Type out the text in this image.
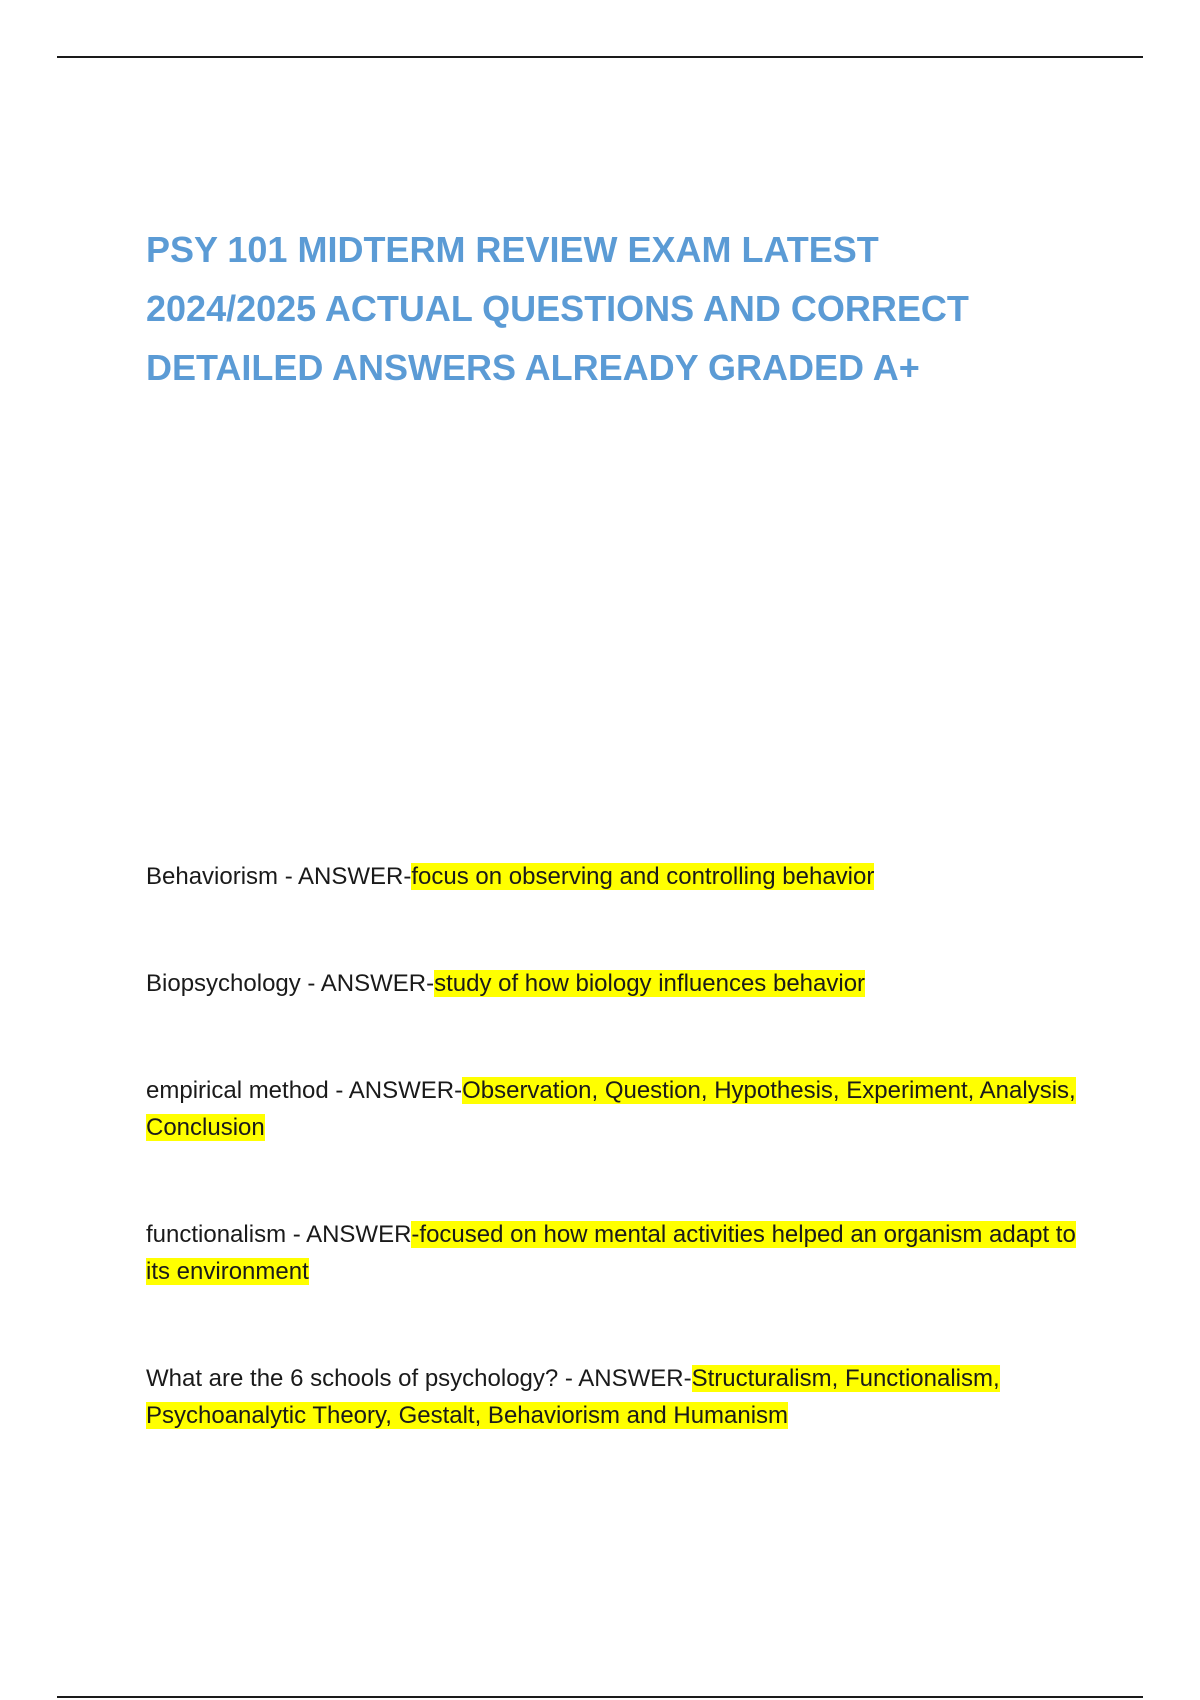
PSY 101 MIDTERM REVIEW EXAM LATEST
2024/2025 ACTUAL QUESTIONS AND CORRECT
DETAILED ANSWERS ALREADY GRADED A+

Behaviorism - ANSWER-focus on observing and controlling behavior

Biopsychology - ANSWER-study of how biology influences behavior

empirical method - ANSWER-Observation, Question, Hypothesis, Experiment, Analysis, Conclusion

functionalism - ANSWER-focused on how mental activities helped an organism adapt to its environment

What are the 6 schools of psychology? - ANSWER-Structuralism, Functionalism, Psychoanalytic Theory, Gestalt, Behaviorism and Humanism
